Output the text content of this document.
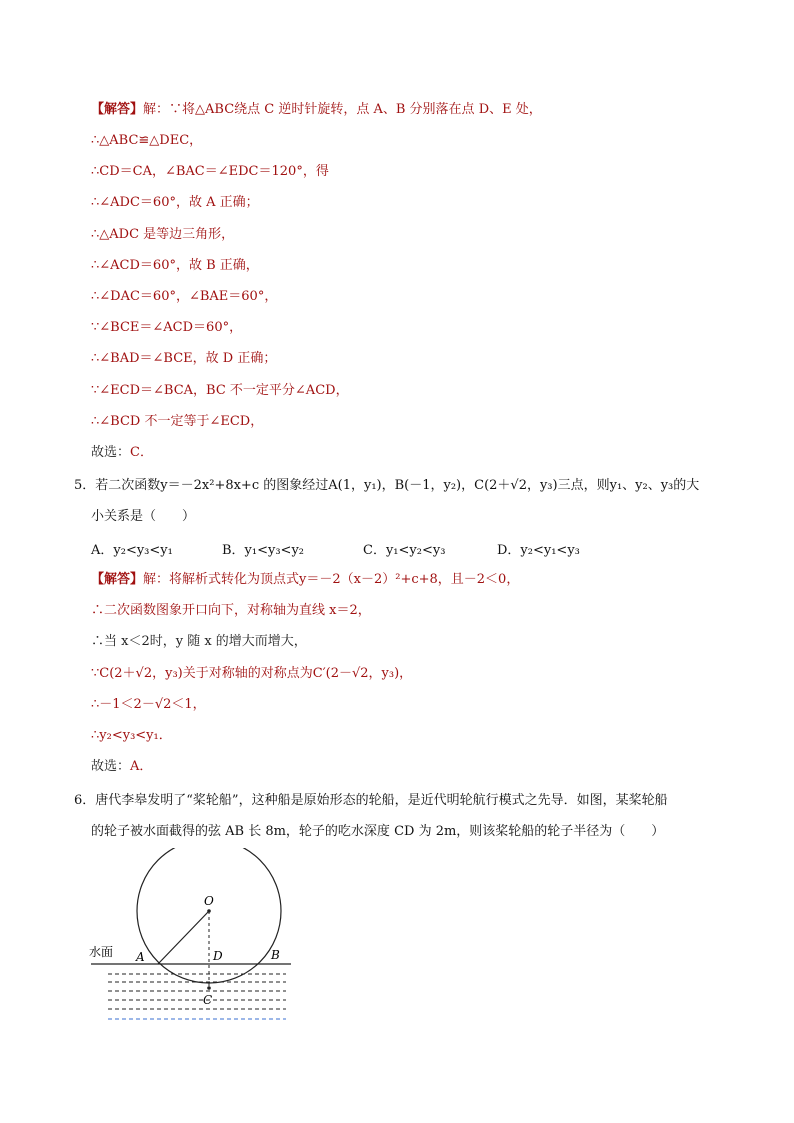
【解答】解：∵将△ABC绕点 C 逆时针旋转，点 A、B 分别落在点 D、E 处，
∴△ABC≌△DEC，
∴CD＝CA，∠BAC＝∠EDC＝120°，得
∴∠ADC＝60°，故 A 正确；
∴△ADC 是等边三角形，
∴∠ACD＝60°，故 B 正确，
∴∠DAC＝60°，∠BAE＝60°，
∵∠BCE＝∠ACD＝60°，
∴∠BAD＝∠BCE，故 D 正确；
∵∠ECD＝∠BCA，BC 不一定平分∠ACD，
∴∠BCD 不一定等于∠ECD，
故选：C．
5．若二次函数y＝－2x²+8x+c 的图象经过A(1，y₁)，B(－1，y₂)，C(2＋√2，y₃)三点，则y₁、y₂、y₃的大
小关系是（　　）
A．y₂<y₃<y₁	B．y₁<y₃<y₂	C．y₁<y₂<y₃	D．y₂<y₁<y₃
【解答】解：将解析式转化为顶点式y＝－2（x－2）²+c+8，且－2＜0，
∴二次函数图象开口向下，对称轴为直线 x＝2，
∴当 x＜2时，y 随 x 的增大而增大，
∵C(2＋√2，y₃)关于对称轴的对称点为C′(2－√2，y₃)，
∴－1＜2－√2＜1，
∴y₂<y₃<y₁．
故选：A．
6．唐代李皋发明了“桨轮船”，这种船是原始形态的轮船，是近代明轮航行模式之先导．如图，某桨轮船
的轮子被水面截得的弦 AB 长 8m，轮子的吃水深度 CD 为 2m，则该桨轮船的轮子半径为（　　）
水面
O
A	D	B
C
